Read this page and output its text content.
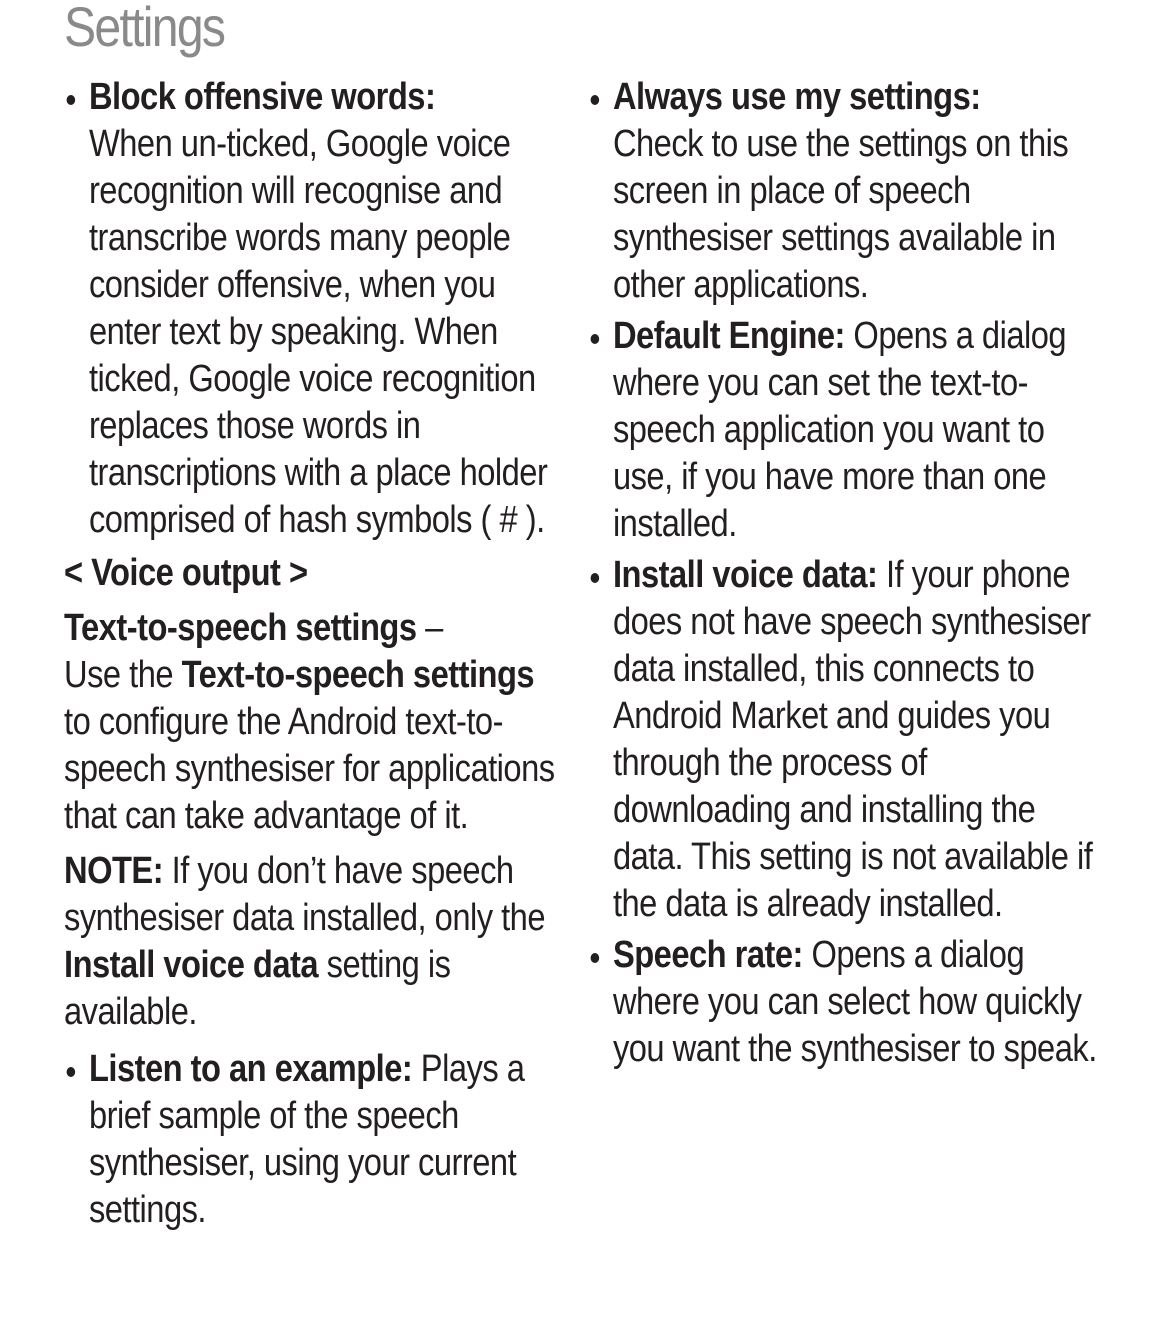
Settings
Block offensive words:
When un-ticked, Google voice recognition will recognise and transcribe words many people consider offensive, when you enter text by speaking. When ticked, Google voice recognition replaces those words in transcriptions with a place holder comprised of hash symbols ( # ).
< Voice output >
Text-to-speech settings –
Use the Text-to-speech settings to configure the Android text-to-speech synthesiser for applications that can take advantage of it.
NOTE: If you don’t have speech synthesiser data installed, only the Install voice data setting is available.
Listen to an example: Plays a brief sample of the speech synthesiser, using your current settings.
Always use my settings:
Check to use the settings on this screen in place of speech synthesiser settings available in other applications.
Default Engine: Opens a dialog where you can set the text-to-speech application you want to use, if you have more than one installed.
Install voice data: If your phone does not have speech synthesiser data installed, this connects to Android Market and guides you through the process of downloading and installing the data. This setting is not available if the data is already installed.
Speech rate: Opens a dialog where you can select how quickly you want the synthesiser to speak.
